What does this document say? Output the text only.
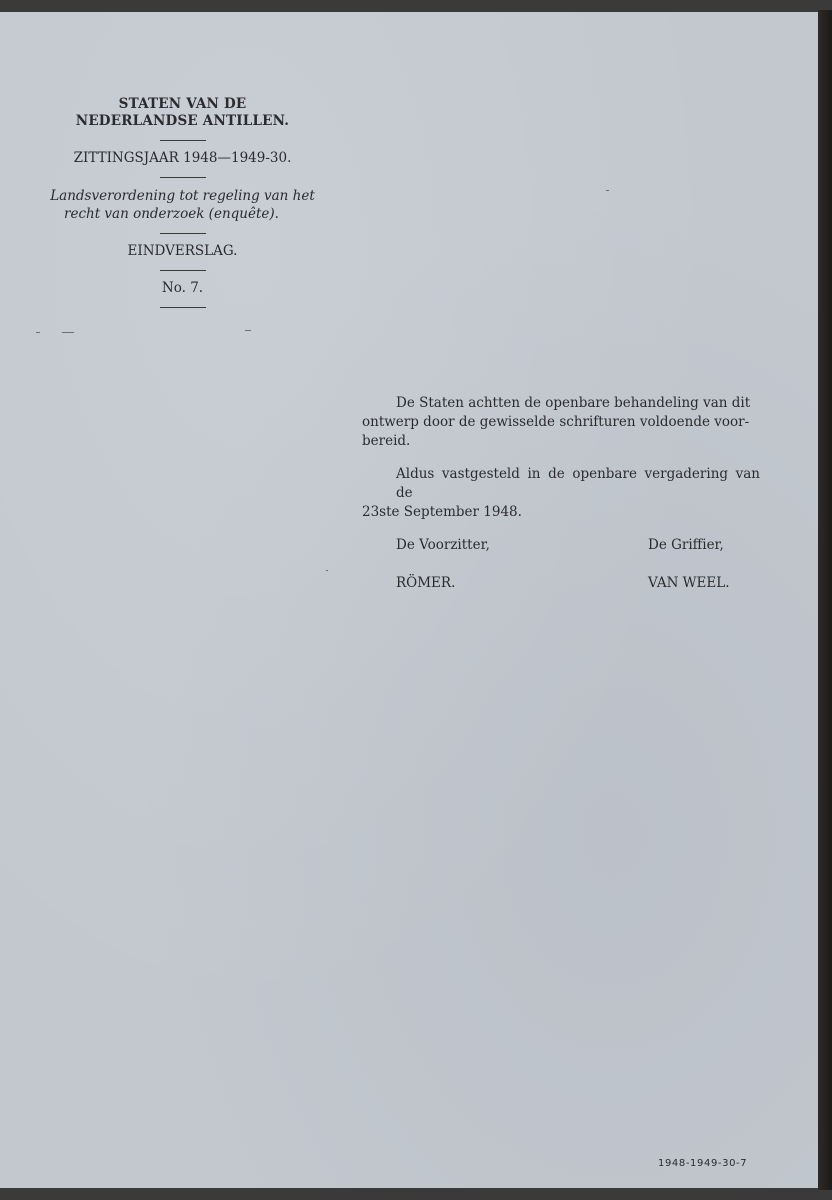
STATEN VAN DE
NEDERLANDSE ANTILLEN.
ZITTINGSJAAR 1948—1949-30.
Landsverordening tot regeling van het
recht van onderzoek (enquête).
EINDVERSLAG.
No. 7.
De Staten achtten de openbare behandeling van dit
ontwerp door de gewisselde schrifturen voldoende voor-
bereid.
Aldus vastgesteld in de openbare vergadering van de
23ste September 1948.
De Voorzitter,	De Griffier,
RÖMER.	VAN WEEL.
1948-1949-30-7
